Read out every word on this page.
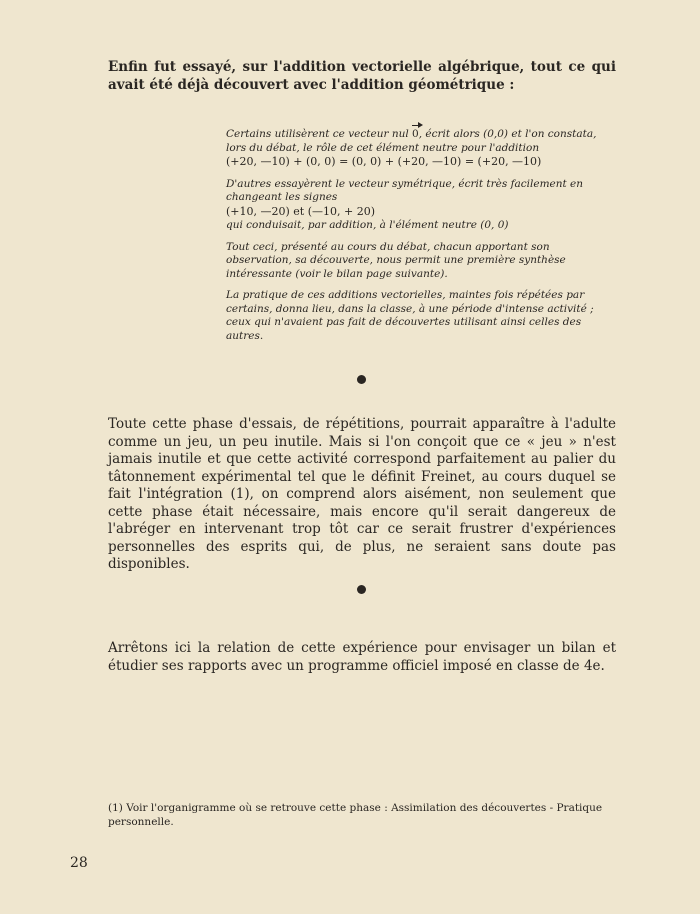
Enfin fut essayé, sur l'addition vectorielle algébrique, tout ce qui avait été déjà découvert avec l'addition géométrique :

Certains utilisèrent ce vecteur nul 0, écrit alors (0,0) et l'on constata, lors du débat, le rôle de cet élément neutre pour l'addition
(+20, —10) + (0, 0) = (0, 0) + (+20, —10) = (+20, —10)

D'autres essayèrent le vecteur symétrique, écrit très facilement en changeant les signes
(+10, —20) et (—10, + 20)
qui conduisait, par addition, à l'élément neutre (0, 0)

Tout ceci, présenté au cours du débat, chacun apportant son observation, sa découverte, nous permit une première synthèse intéressante (voir le bilan page suivante).

La pratique de ces additions vectorielles, maintes fois répétées par certains, donna lieu, dans la classe, à une période d'intense activité ; ceux qui n'avaient pas fait de découvertes utilisant ainsi celles des autres.

Toute cette phase d'essais, de répétitions, pourrait apparaître à l'adulte comme un jeu, un peu inutile. Mais si l'on conçoit que ce « jeu » n'est jamais inutile et que cette activité correspond parfaitement au palier du tâtonnement expérimental tel que le définit Freinet, au cours duquel se fait l'intégration (1), on comprend alors aisément, non seulement que cette phase était nécessaire, mais encore qu'il serait dangereux de l'abréger en intervenant trop tôt car ce serait frustrer d'expériences personnelles des esprits qui, de plus, ne seraient sans doute pas disponibles.

Arrêtons ici la relation de cette expérience pour envisager un bilan et étudier ses rapports avec un programme officiel imposé en classe de 4e.

(1) Voir l'organigramme où se retrouve cette phase : Assimilation des découvertes - Pratique personnelle.

28
